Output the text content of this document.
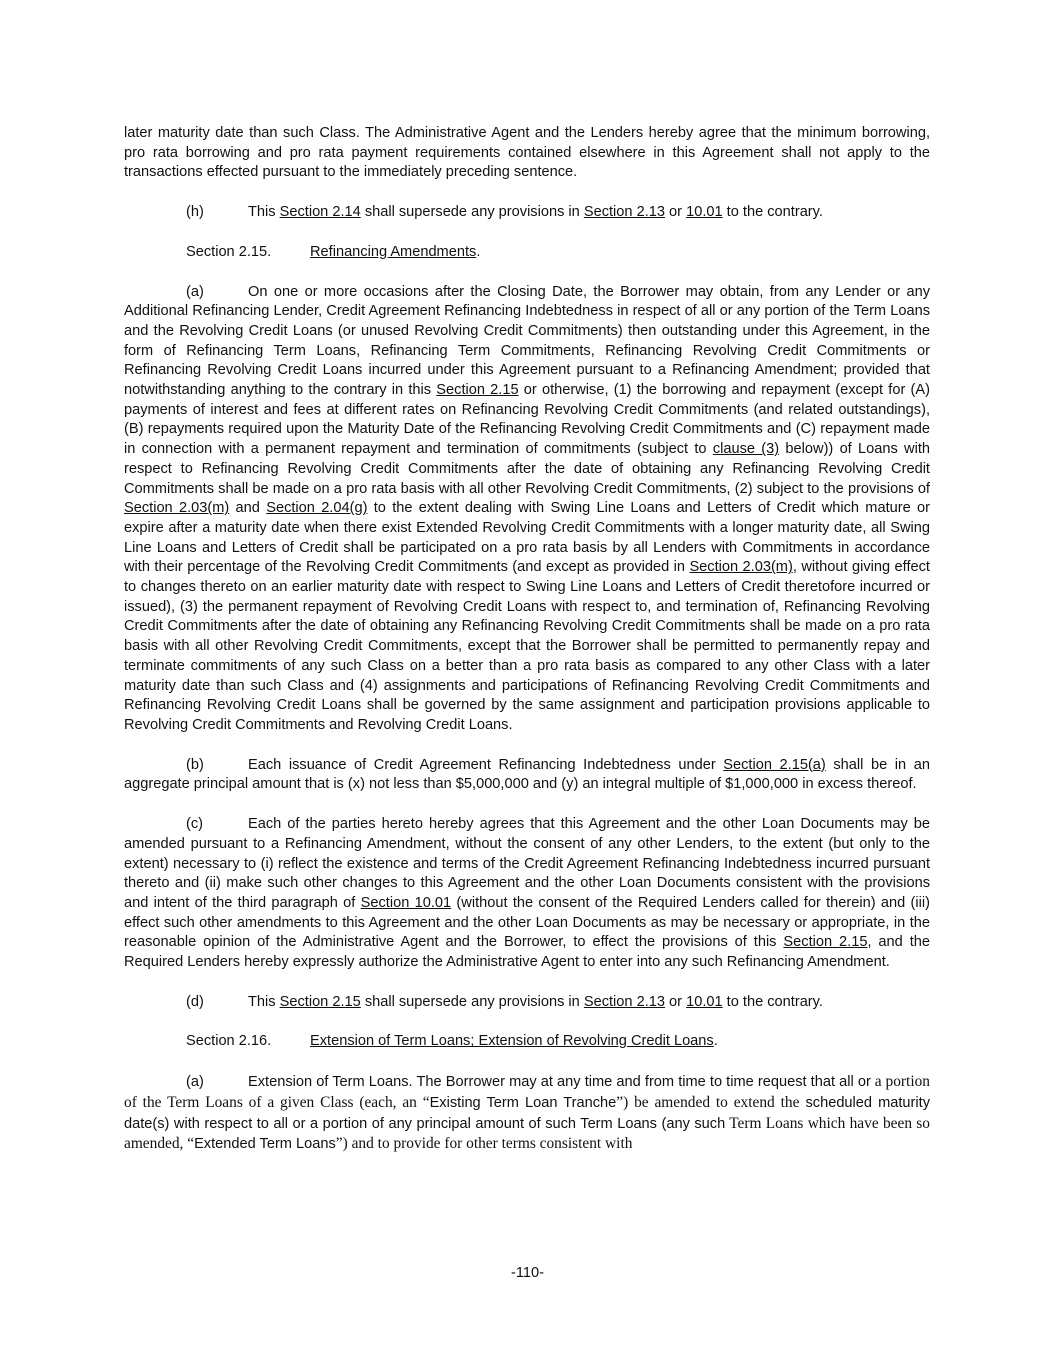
later maturity date than such Class. The Administrative Agent and the Lenders hereby agree that the minimum borrowing, pro rata borrowing and pro rata payment requirements contained elsewhere in this Agreement shall not apply to the transactions effected pursuant to the immediately preceding sentence.

(h)	This Section 2.14 shall supersede any provisions in Section 2.13 or 10.01 to the contrary.

Section 2.15.	Refinancing Amendments.

(a)	On one or more occasions after the Closing Date, the Borrower may obtain, from any Lender or any Additional Refinancing Lender, Credit Agreement Refinancing Indebtedness in respect of all or any portion of the Term Loans and the Revolving Credit Loans (or unused Revolving Credit Commitments) then outstanding under this Agreement, in the form of Refinancing Term Loans, Refinancing Term Commitments, Refinancing Revolving Credit Commitments or Refinancing Revolving Credit Loans incurred under this Agreement pursuant to a Refinancing Amendment; provided that notwithstanding anything to the contrary in this Section 2.15 or otherwise, (1) the borrowing and repayment (except for (A) payments of interest and fees at different rates on Refinancing Revolving Credit Commitments (and related outstandings), (B) repayments required upon the Maturity Date of the Refinancing Revolving Credit Commitments and (C) repayment made in connection with a permanent repayment and termination of commitments (subject to clause (3) below)) of Loans with respect to Refinancing Revolving Credit Commitments after the date of obtaining any Refinancing Revolving Credit Commitments shall be made on a pro rata basis with all other Revolving Credit Commitments, (2) subject to the provisions of Section 2.03(m) and Section 2.04(g) to the extent dealing with Swing Line Loans and Letters of Credit which mature or expire after a maturity date when there exist Extended Revolving Credit Commitments with a longer maturity date, all Swing Line Loans and Letters of Credit shall be participated on a pro rata basis by all Lenders with Commitments in accordance with their percentage of the Revolving Credit Commitments (and except as provided in Section 2.03(m), without giving effect to changes thereto on an earlier maturity date with respect to Swing Line Loans and Letters of Credit theretofore incurred or issued), (3) the permanent repayment of Revolving Credit Loans with respect to, and termination of, Refinancing Revolving Credit Commitments after the date of obtaining any Refinancing Revolving Credit Commitments shall be made on a pro rata basis with all other Revolving Credit Commitments, except that the Borrower shall be permitted to permanently repay and terminate commitments of any such Class on a better than a pro rata basis as compared to any other Class with a later maturity date than such Class and (4) assignments and participations of Refinancing Revolving Credit Commitments and Refinancing Revolving Credit Loans shall be governed by the same assignment and participation provisions applicable to Revolving Credit Commitments and Revolving Credit Loans.

(b)	Each issuance of Credit Agreement Refinancing Indebtedness under Section 2.15(a) shall be in an aggregate principal amount that is (x) not less than $5,000,000 and (y) an integral multiple of $1,000,000 in excess thereof.

(c)	Each of the parties hereto hereby agrees that this Agreement and the other Loan Documents may be amended pursuant to a Refinancing Amendment, without the consent of any other Lenders, to the extent (but only to the extent) necessary to (i) reflect the existence and terms of the Credit Agreement Refinancing Indebtedness incurred pursuant thereto and (ii) make such other changes to this Agreement and the other Loan Documents consistent with the provisions and intent of the third paragraph of Section 10.01 (without the consent of the Required Lenders called for therein) and (iii) effect such other amendments to this Agreement and the other Loan Documents as may be necessary or appropriate, in the reasonable opinion of the Administrative Agent and the Borrower, to effect the provisions of this Section 2.15, and the Required Lenders hereby expressly authorize the Administrative Agent to enter into any such Refinancing Amendment.

(d)	This Section 2.15 shall supersede any provisions in Section 2.13 or 10.01 to the contrary.

Section 2.16.	Extension of Term Loans; Extension of Revolving Credit Loans.

(a)	Extension of Term Loans. The Borrower may at any time and from time to time request that all or a portion of the Term Loans of a given Class (each, an “Existing Term Loan Tranche”) be amended to extend the scheduled maturity date(s) with respect to all or a portion of any principal amount of such Term Loans (any such Term Loans which have been so amended, “Extended Term Loans”) and to provide for other terms consistent with

-110-
